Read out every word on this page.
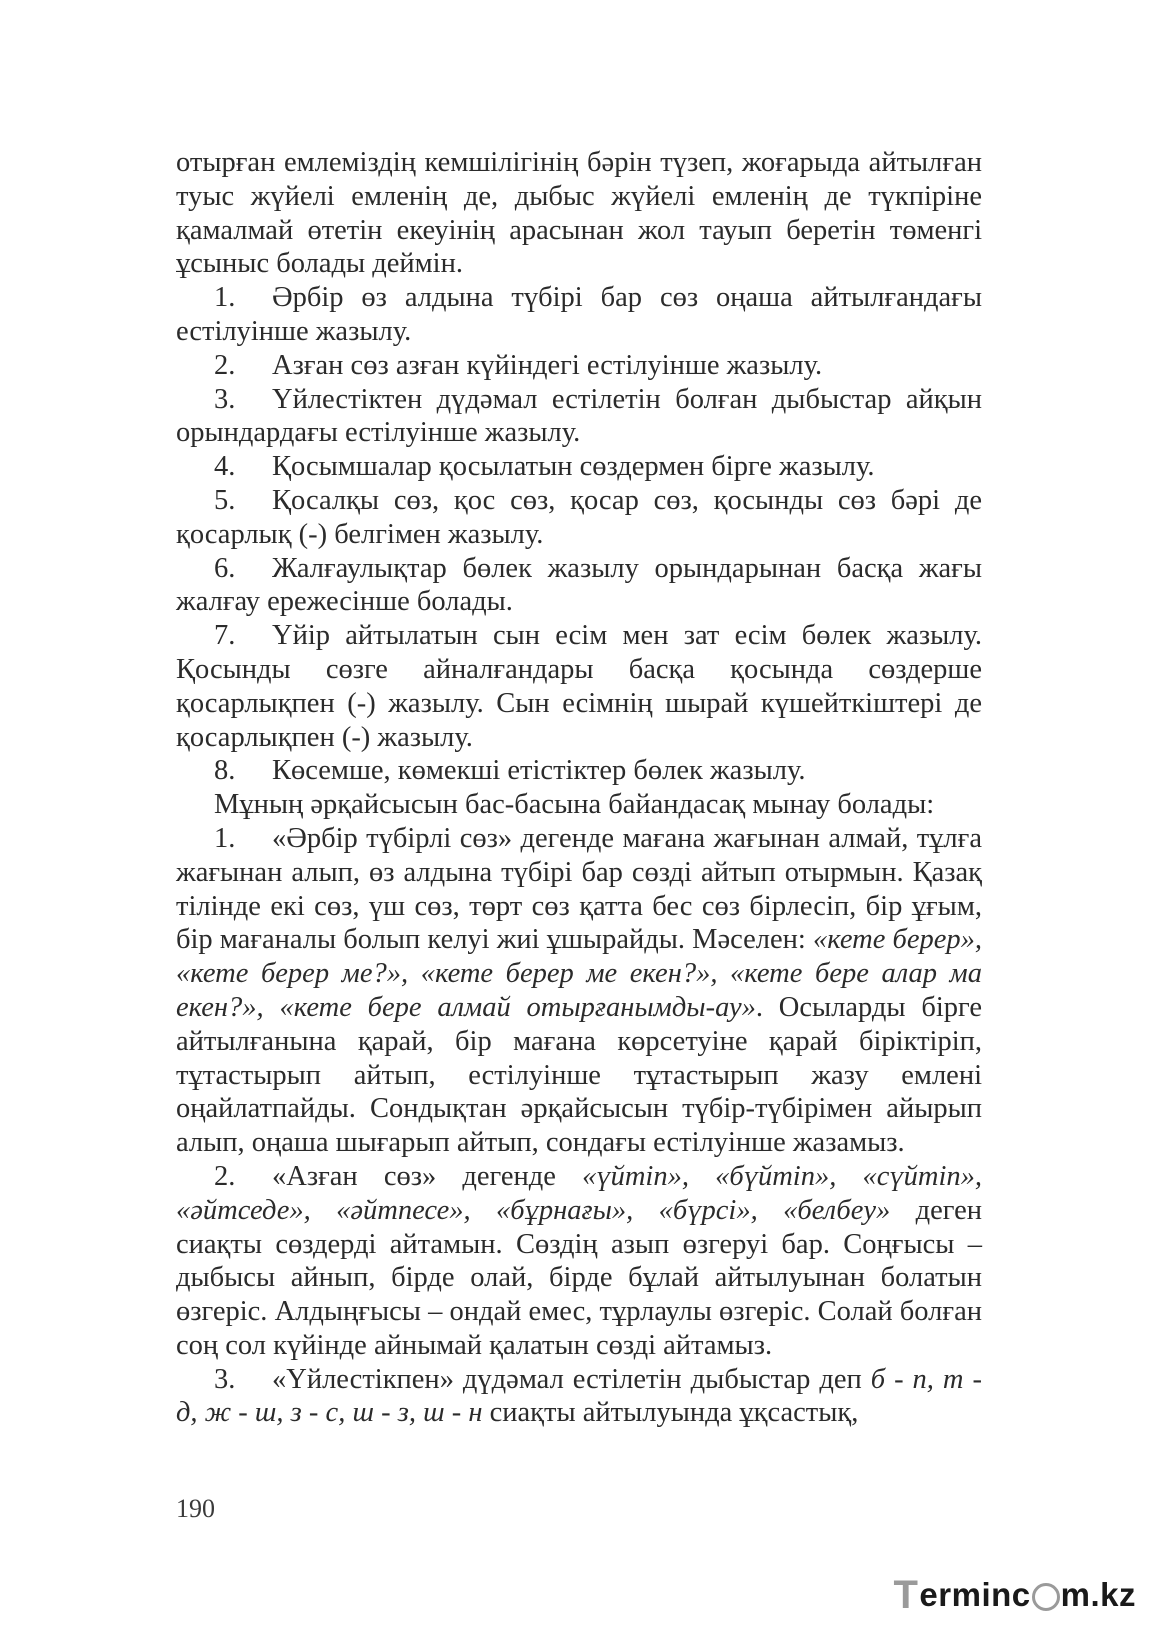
отырған емлеміздің кемшілігінің бәрін түзеп, жоғарыда айтылған туыс жүйелі емленің де, дыбыс жүйелі емленің де түкпіріне қамалмай өтетін екеуінің арасынан жол тауып беретін төменгі ұсыныс болады деймін.

1. Әрбір өз алдына түбірі бар сөз оңаша айтылғандағы естілуінше жазылу.

2. Азған сөз азған күйіндегі естілуінше жазылу.

3. Үйлестіктен дүдәмал естілетін болған дыбыстар айқын орындардағы естілуінше жазылу.

4. Қосымшалар қосылатын сөздермен бірге жазылу.

5. Қосалқы сөз, қос сөз, қосар сөз, қосынды сөз бәрі де қосарлық (-) белгімен жазылу.

6. Жалғаулықтар бөлек жазылу орындарынан басқа жағы жалғау ережесінше болады.

7. Үйір айтылатын сын есім мен зат есім бөлек жазылу. Қосынды сөзге айналғандары басқа қосында сөздерше қосарлықпен (-) жазылу. Сын есімнің шырай күшейткіштері де қосарлықпен (-) жазылу.

8. Көсемше, көмекші етістіктер бөлек жазылу.

Мұның әрқайсысын бас-басына байандасақ мынау болады:

1. «Әрбір түбірлі сөз» дегенде мағана жағынан алмай, тұлға жағынан алып, өз алдына түбірі бар сөзді айтып отырмын. Қазақ тілінде екі сөз, үш сөз, төрт сөз қатта бес сөз бірлесіп, бір ұғым, бір мағаналы болып келуі жиі ұшырайды. Мәселен: «кете берер», «кете берер ме?», «кете берер ме екен?», «кете бере алар ма екен?», «кете бере алмай отырғанымды-ау». Осыларды бірге айтылғанына қарай, бір мағана көрсетуіне қарай біріктіріп, тұтастырып айтып, естілуінше тұтастырып жазу емлені оңайлатпайды. Сондықтан әрқайсысын түбір-түбірімен айырып алып, оңаша шығарып айтып, сондағы естілуінше жазамыз.

2. «Азған сөз» дегенде «үйтіп», «бүйтіп», «сүйтіп», «әйтседе», «әйтпесе», «бұрнағы», «бүрсі», «белбеу» деген сиақты сөздерді айтамын. Сөздің азып өзгеруі бар. Соңғысы – дыбысы айнып, бірде олай, бірде бұлай айтылуынан болатын өзгеріс. Алдыңғысы – ондай емес, тұрлаулы өзгеріс. Солай болған соң сол күйінде айнымай қалатын сөзді айтамыз.

3. «Үйлестікпен» дүдәмал естілетін дыбыстар деп б - п, т - д, ж - ш, з - с, ш - з, ш - н сиақты айтылуында ұқсастық,

190
T erminc m.kz
